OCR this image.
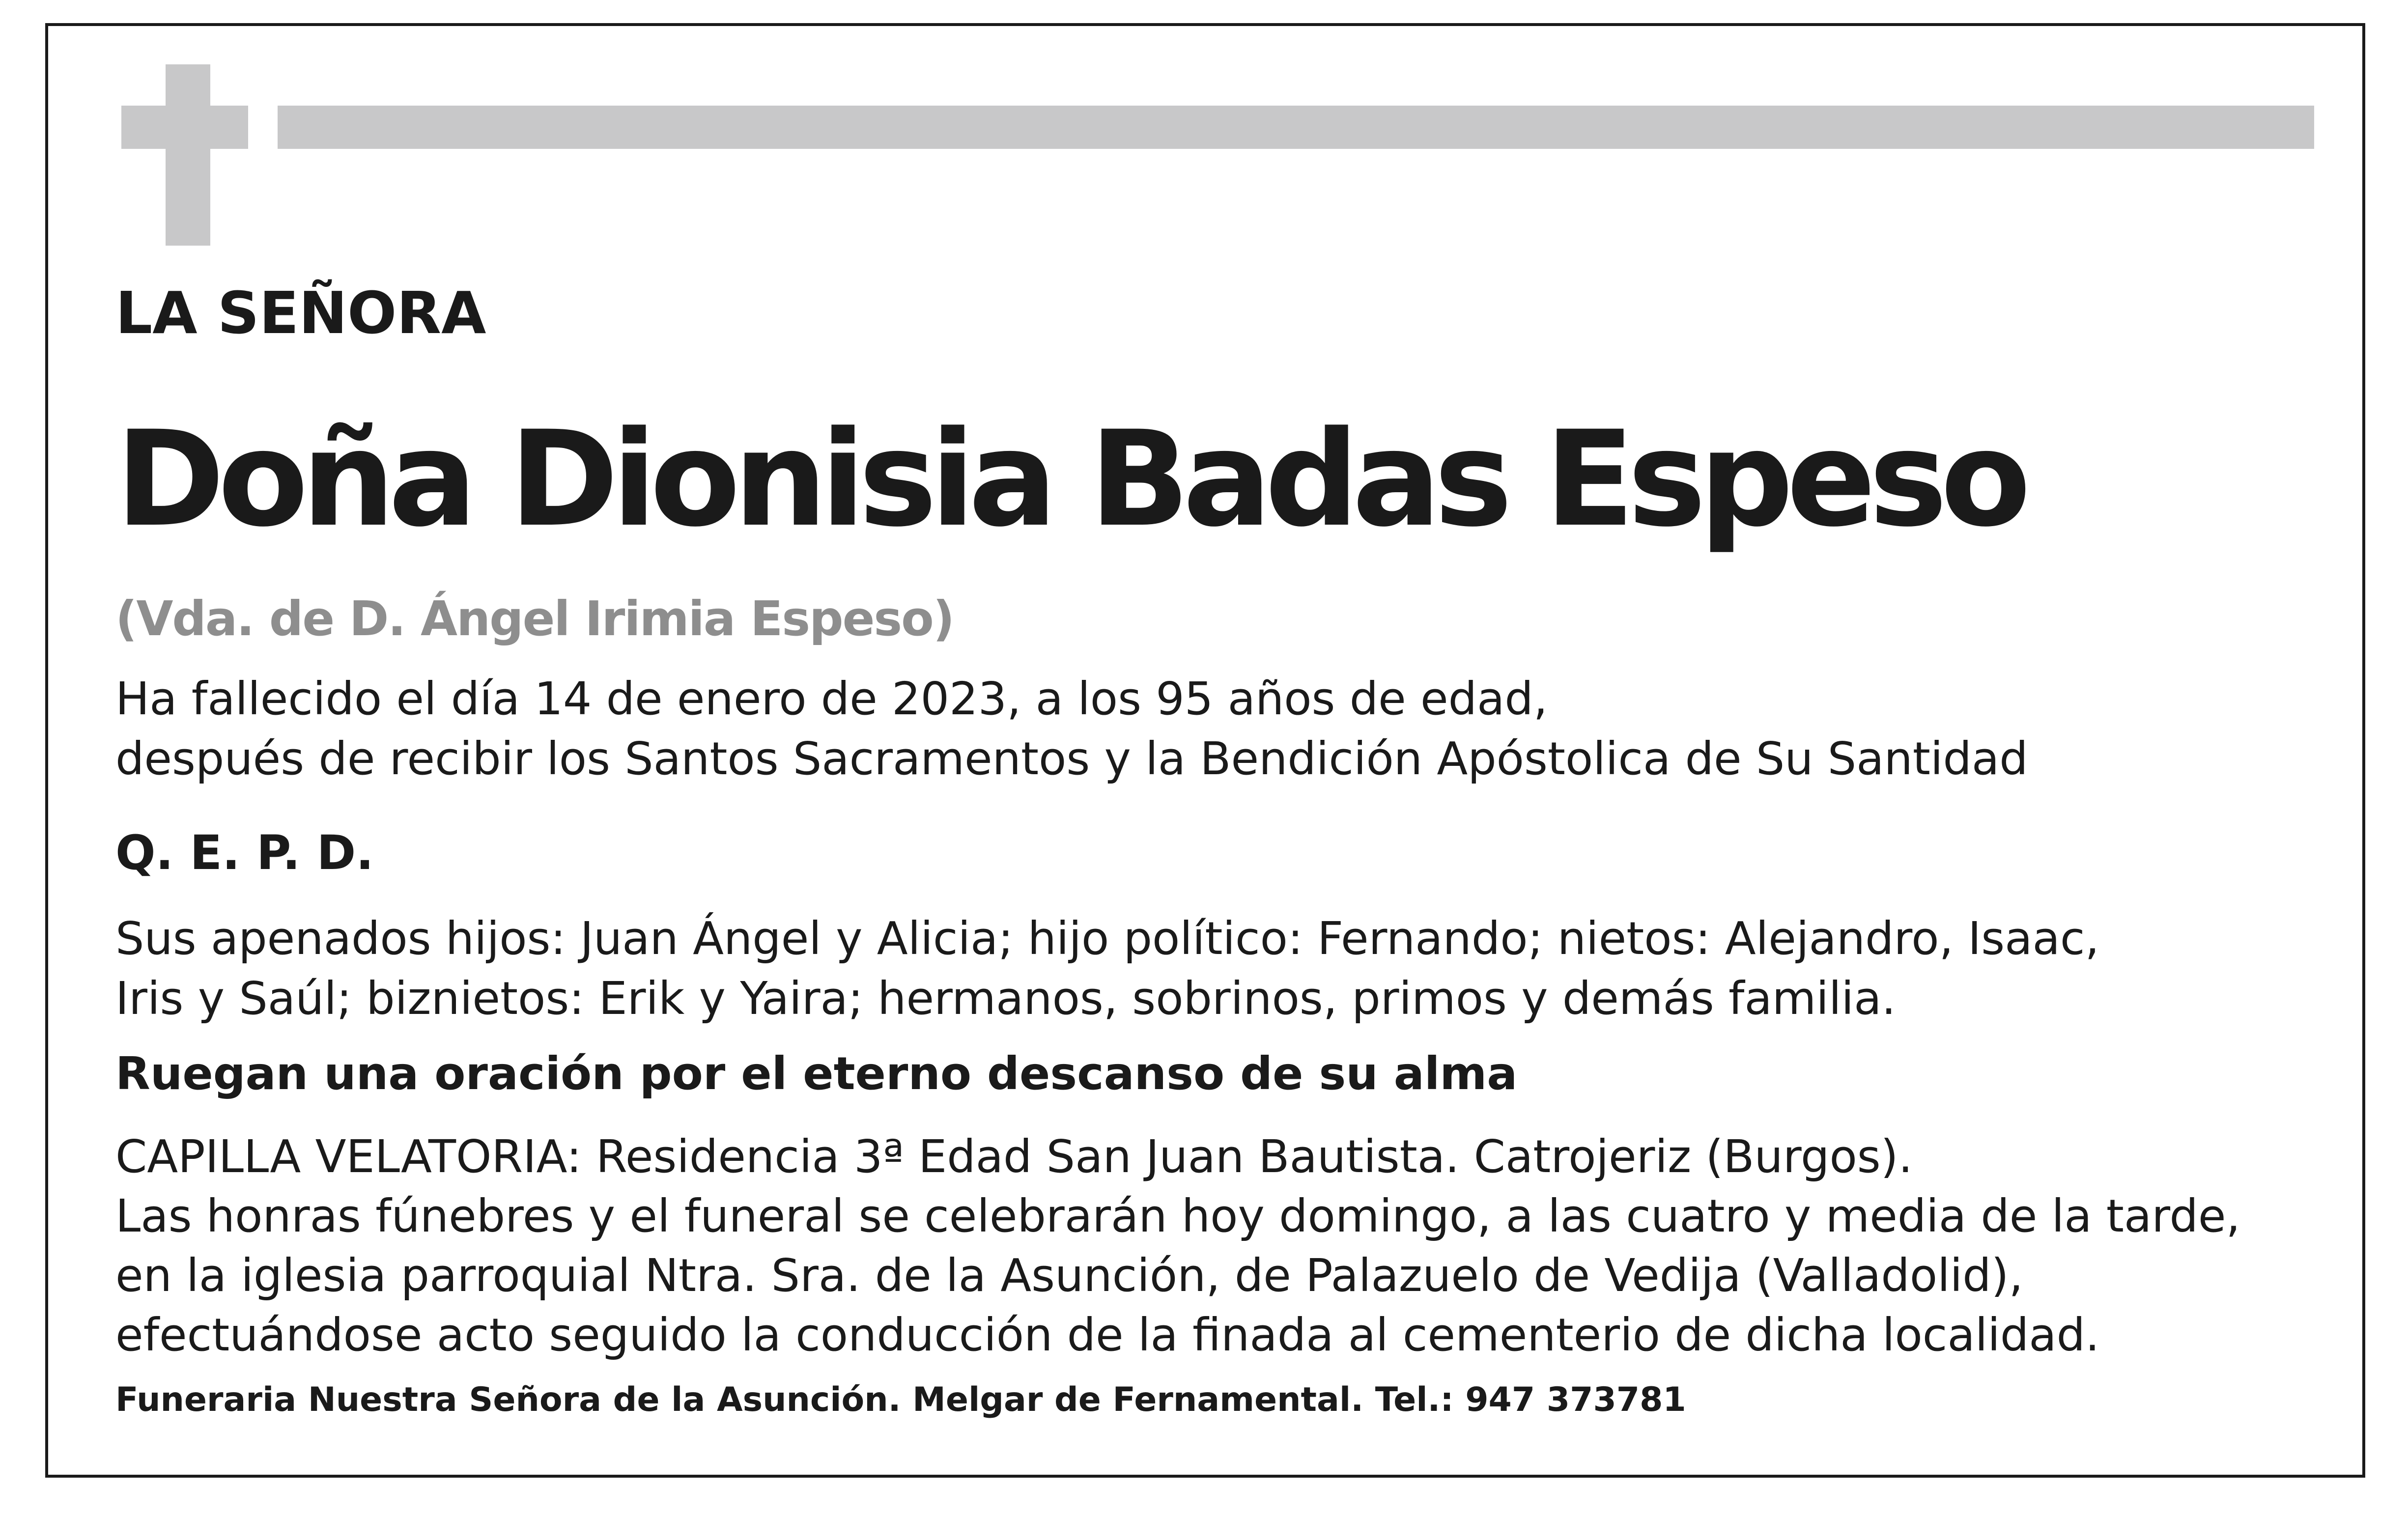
LA SEÑORA

Doña Dionisia Badas Espeso

(Vda. de D. Ángel Irimia Espeso)

Ha fallecido el día 14 de enero de 2023, a los 95 años de edad,
después de recibir los Santos Sacramentos y la Bendición Apóstolica de Su Santidad

Q. E. P. D.

Sus apenados hijos: Juan Ángel y Alicia; hijo político: Fernando; nietos: Alejandro, Isaac,
Iris y Saúl; biznietos: Erik y Yaira; hermanos, sobrinos, primos y demás familia.

Ruegan una oración por el eterno descanso de su alma

CAPILLA VELATORIA: Residencia 3ª Edad San Juan Bautista. Catrojeriz (Burgos).
Las honras fúnebres y el funeral se celebrarán hoy domingo, a las cuatro y media de la tarde,
en la iglesia parroquial Ntra. Sra. de la Asunción, de Palazuelo de Vedija (Valladolid),
efectuándose acto seguido la conducción de la finada al cementerio de dicha localidad.

Funeraria Nuestra Señora de la Asunción. Melgar de Fernamental. Tel.: 947 373781
